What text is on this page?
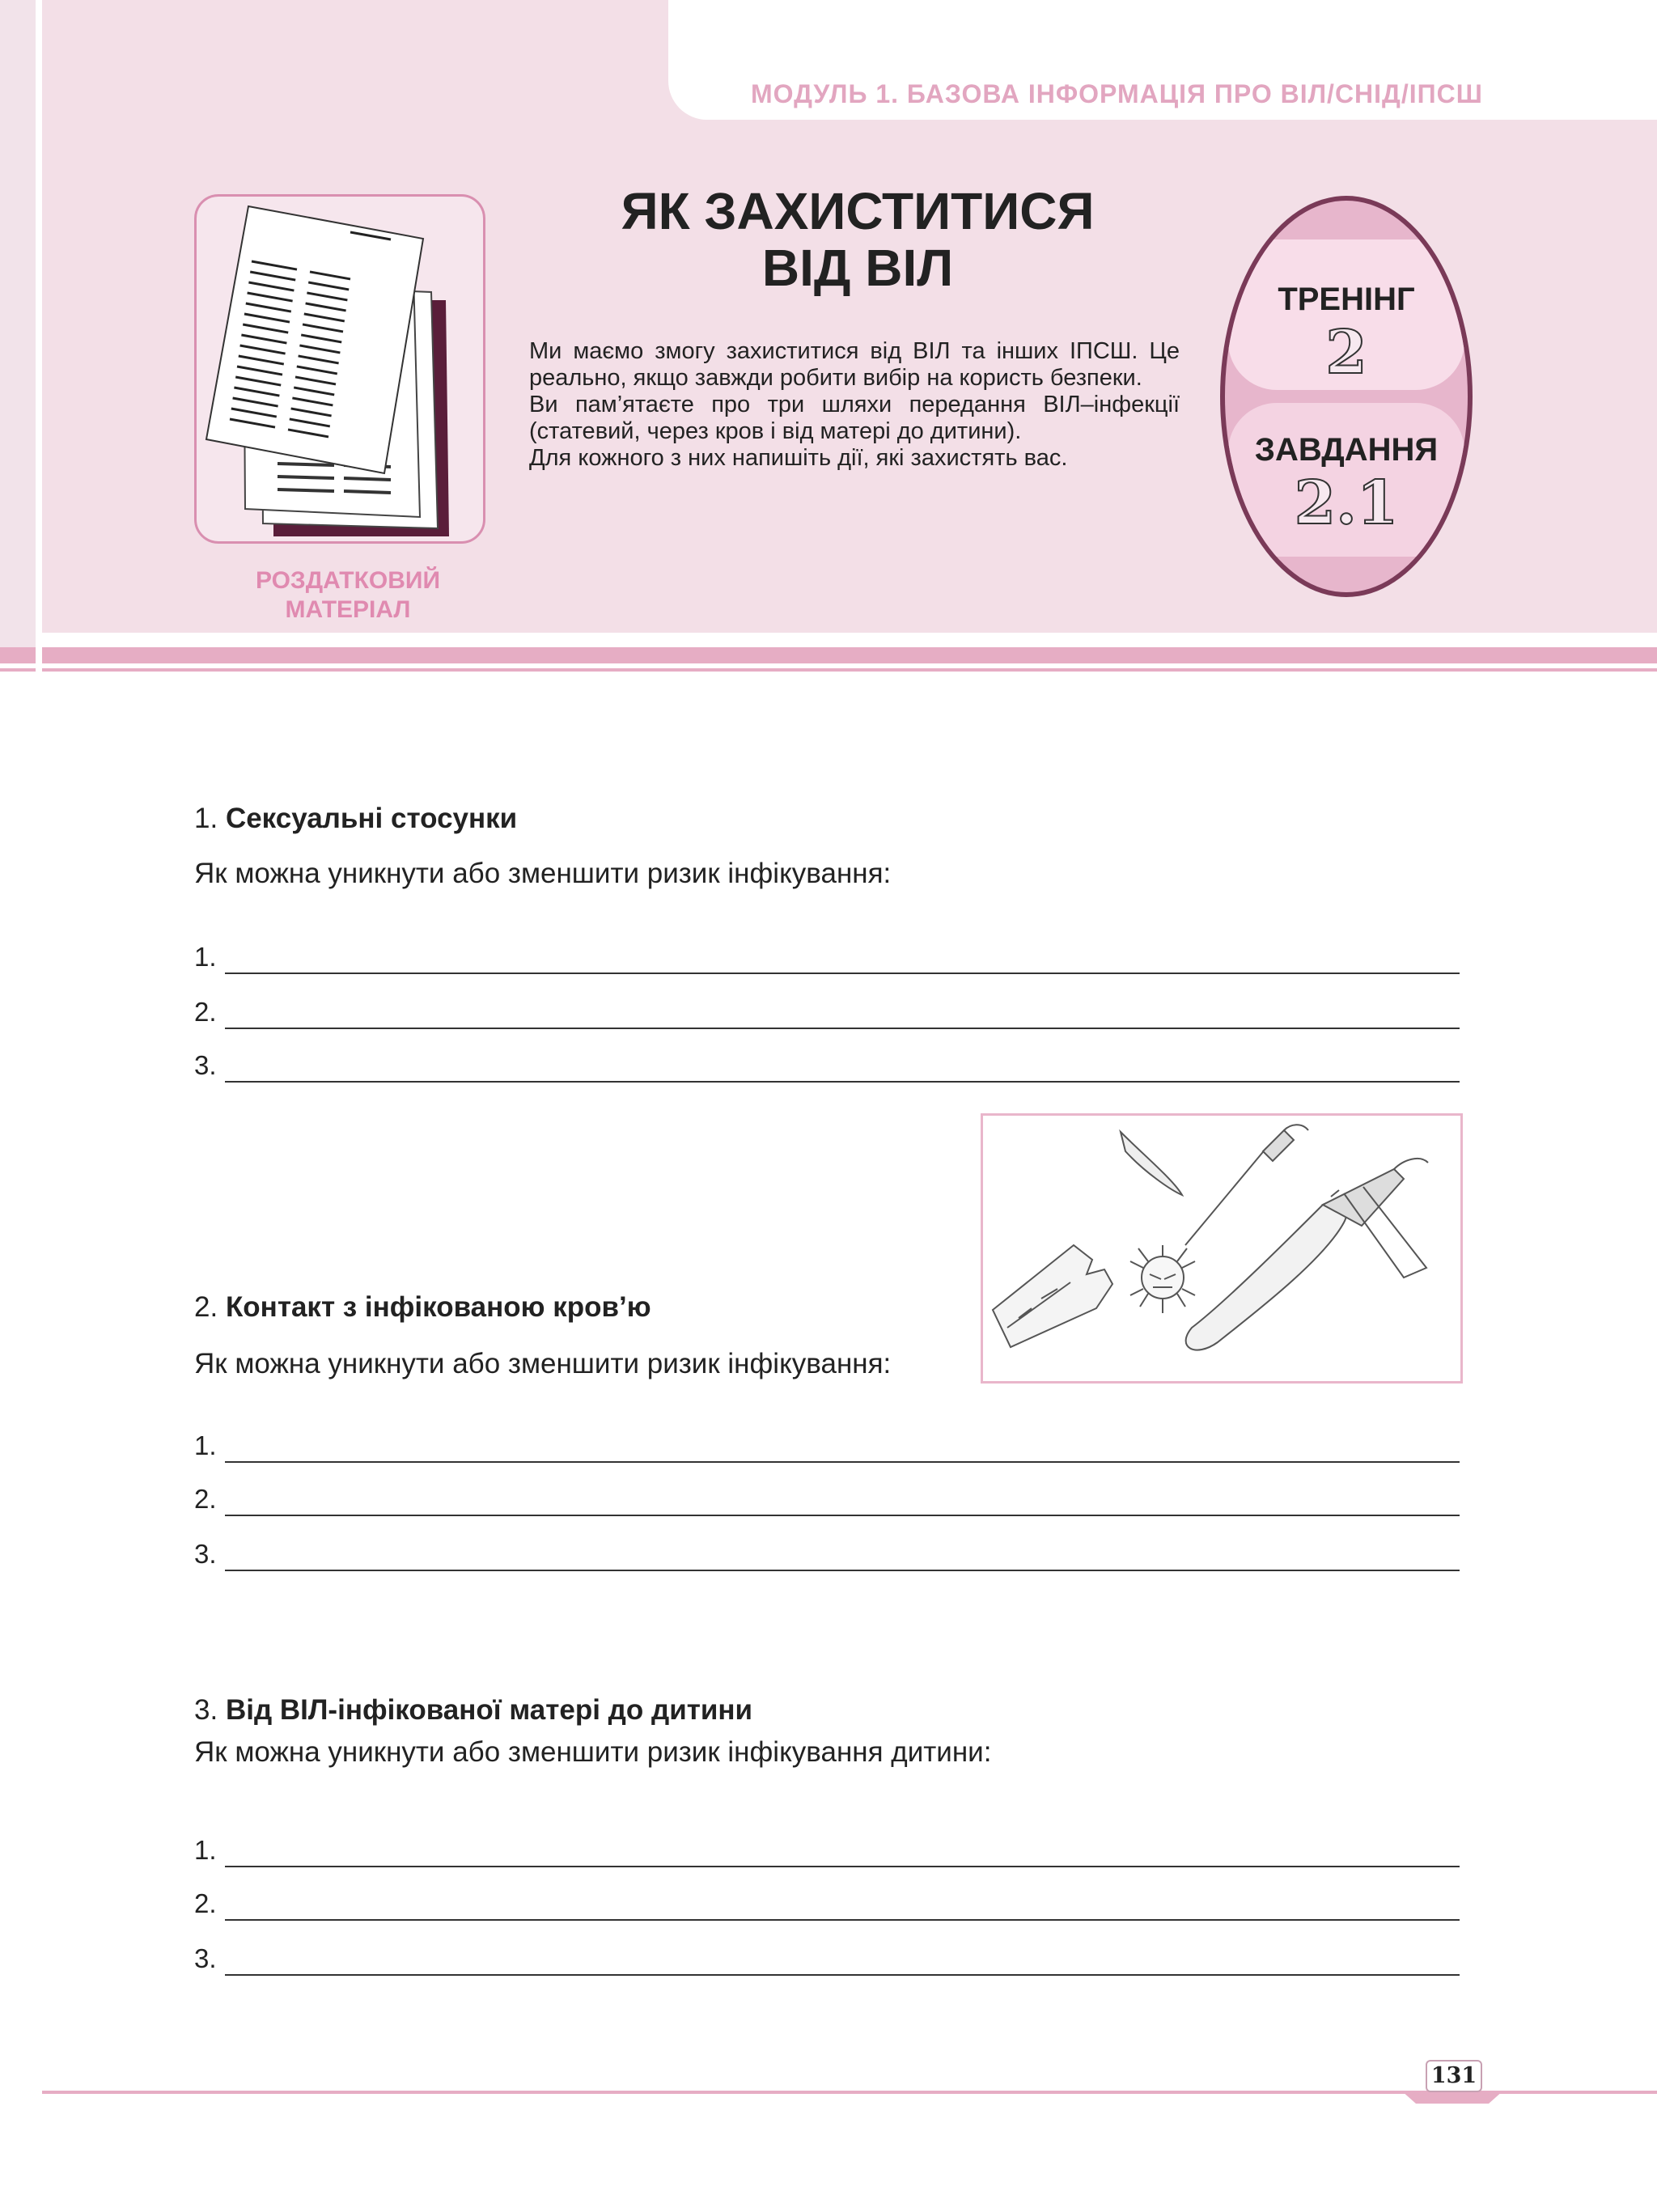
МОДУЛЬ 1. БАЗОВА ІНФОРМАЦІЯ ПРО ВІЛ/СНІД/ІПСШ
РОЗДАТКОВИЙ
МАТЕРІАЛ
ЯК ЗАХИСТИТИСЯ
ВІД ВІЛ

Ми маємо змогу захиститися від ВІЛ та інших ІПСШ. Це реально, якщо завжди робити вибір на користь безпеки.

Ви пам’ятаєте про три шляхи передання ВІЛ–інфекції (статевий, через кров і від матері до дитини).

Для кожного з них напишіть дії, які захистять вас.

ТРЕНІНГ
2
ЗАВДАННЯ
2.1
1. Сексуальні стосунки
Як можна уникнути або зменшити ризик інфікування:
1.
2.
3.
2. Контакт з інфікованою кров’ю
Як можна уникнути або зменшити ризик інфікування:
1.
2.
3.
3. Від ВІЛ-інфікованої матері до дитини
Як можна уникнути або зменшити ризик інфікування дитини:
1.
2.
3.
131
